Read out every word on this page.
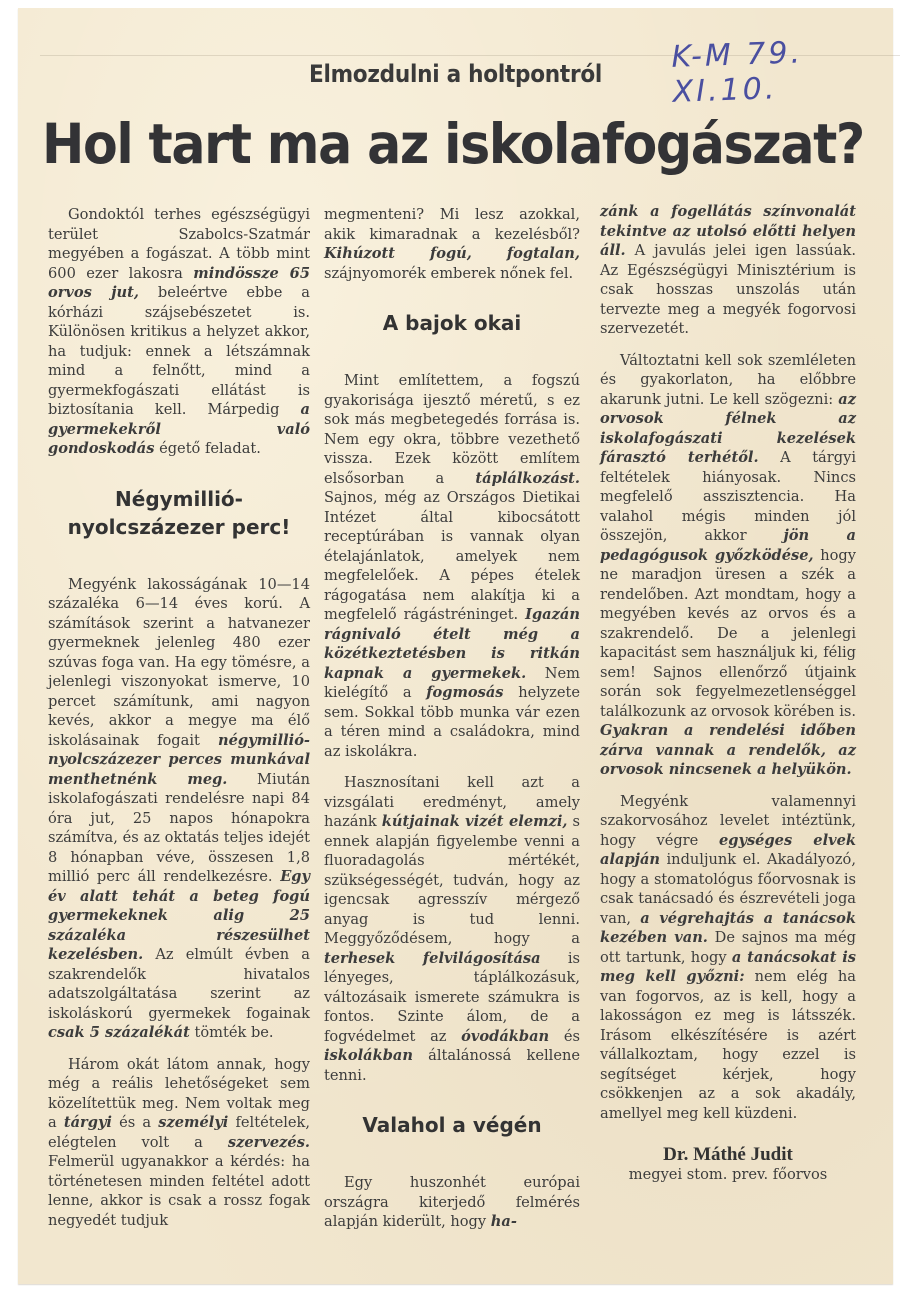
K-M 79. XI.10.
Elmozdulni a holtpontról
Hol tart ma az iskolafogászat?

Gondoktól terhes egészségügyi terület Szabolcs-Szatmár megyében a fogászat. A több mint 600 ezer lakosra mindössze 65 orvos jut, beleértve ebbe a kórházi szájsebészetet is. Különösen kritikus a helyzet akkor, ha tudjuk: ennek a létszámnak mind a felnőtt, mind a gyermekfogászati ellátást is biztosítania kell. Márpedig a gyermekekről való gondoskodás égető feladat.

Négymillió-nyolcszázezer perc!

Megyénk lakosságának 10—14 százaléka 6—14 éves korú. A számítások szerint a hatvanezer gyermeknek jelenleg 480 ezer szúvas foga van. Ha egy tömésre, a jelenlegi viszonyokat ismerve, 10 percet számítunk, ami nagyon kevés, akkor a megye ma élő iskolásainak fogait négymillió-nyolcszázezer perces munkával menthetnénk meg. Miután iskolafogászati rendelésre napi 84 óra jut, 25 napos hónapokra számítva, és az oktatás teljes idejét 8 hónapban véve, összesen 1,8 millió perc áll rendelkezésre. Egy év alatt tehát a beteg fogú gyermekeknek alig 25 százaléka részesülhet kezelésben. Az elmúlt évben a szakrendelők hivatalos adatszolgáltatása szerint az iskoláskorú gyermekek fogainak csak 5 százalékát tömték be.

Három okát látom annak, hogy még a reális lehetőségeket sem közelítettük meg. Nem voltak meg a tárgyi és a személyi feltételek, elégtelen volt a szervezés. Felmerül ugyanakkor a kérdés: ha történetesen minden feltétel adott lenne, akkor is csak a rossz fogak negyedét tudjuk

megmenteni? Mi lesz azokkal, akik kimaradnak a kezelésből? Kihúzott fogú, fogtalan, szájnyomorék emberek nőnek fel.

A bajok okai

Mint említettem, a fogszú gyakorisága ijesztő méretű, s ez sok más megbetegedés forrása is. Nem egy okra, többre vezethető vissza. Ezek között említem elsősorban a táplálkozást. Sajnos, még az Országos Dietikai Intézet által kibocsátott receptúrában is vannak olyan ételajánlatok, amelyek nem megfelelőek. A pépes ételek rágogatása nem alakítja ki a megfelelő rágástréninget. Igazán rágnivaló ételt még a közétkeztetésben is ritkán kapnak a gyermekek. Nem kielégítő a fogmosás helyzete sem. Sokkal több munka vár ezen a téren mind a családokra, mind az iskolákra.

Hasznosítani kell azt a vizsgálati eredményt, amely hazánk kútjainak vizét elemzi, s ennek alapján figyelembe venni a fluoradagolás mértékét, szükségességét, tudván, hogy az igencsak agresszív mérgező anyag is tud lenni. Meggyőződésem, hogy a terhesek felvilágosítása is lényeges, táplálkozásuk, változásaik ismerete számukra is fontos. Szinte álom, de a fogvédelmet az óvodákban és iskolákban általánossá kellene tenni.

Valahol a végén

Egy huszonhét európai országra kiterjedő felmérés alapján kiderült, hogy ha-

zánk a fogellátás színvonalát tekintve az utolsó előtti helyen áll. A javulás jelei igen lassúak. Az Egészségügyi Minisztérium is csak hosszas unszolás után tervezte meg a megyék fogorvosi szervezetét.

Változtatni kell sok szemléleten és gyakorlaton, ha előbbre akarunk jutni. Le kell szögezni: az orvosok félnek az iskolafogászati kezelések fárasztó terhétől. A tárgyi feltételek hiányosak. Nincs megfelelő asszisztencia. Ha valahol mégis minden jól összejön, akkor jön a pedagógusok győzködése, hogy ne maradjon üresen a szék a rendelőben. Azt mondtam, hogy a megyében kevés az orvos és a szakrendelő. De a jelenlegi kapacitást sem használjuk ki, félig sem! Sajnos ellenőrző útjaink során sok fegyelmezetlenséggel találkozunk az orvosok körében is. Gyakran a rendelési időben zárva vannak a rendelők, az orvosok nincsenek a helyükön.

Megyénk valamennyi szakorvosához levelet intéztünk, hogy végre egységes elvek alapján induljunk el. Akadályozó, hogy a stomatológus főorvosnak is csak tanácsadó és észrevételi joga van, a végrehajtás a tanácsok kezében van. De sajnos ma még ott tartunk, hogy a tanácsokat is meg kell győzni: nem elég ha van fogorvos, az is kell, hogy a lakosságon ez meg is látsszék. Irásom elkészítésére is azért vállalkoztam, hogy ezzel is segítséget kérjek, hogy csökkenjen az a sok akadály, amellyel meg kell küzdeni.

Dr. Máthé Judit
megyei stom. prev. főorvos
